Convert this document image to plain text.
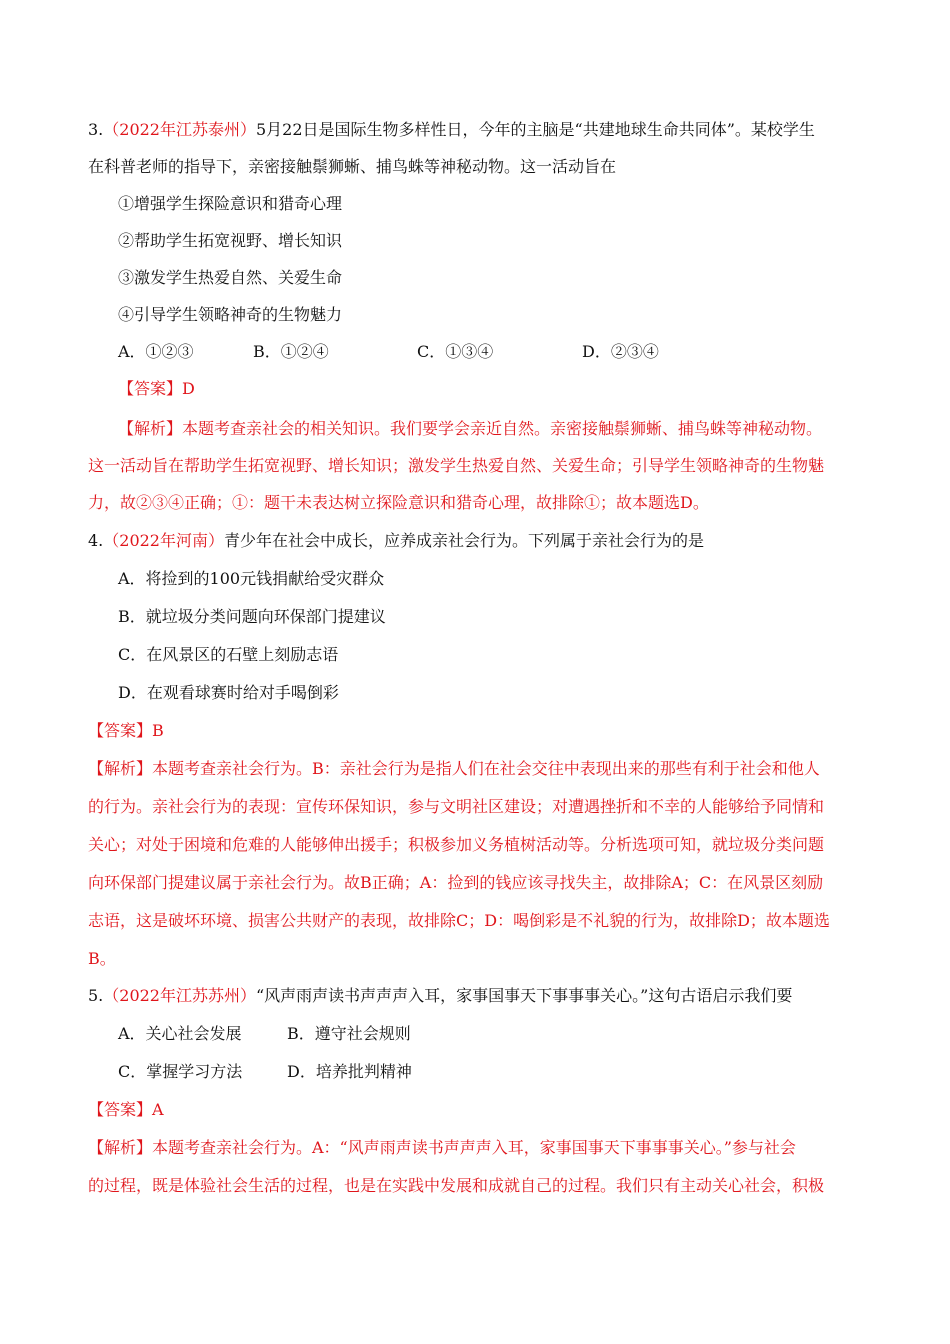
3.（2022年江苏泰州）5月22日是国际生物多样性日，今年的主脑是“共建地球生命共同体”。某校学生
在科普老师的指导下，亲密接触鬃狮蜥、捕鸟蛛等神秘动物。这一活动旨在
①增强学生探险意识和猎奇心理
②帮助学生拓宽视野、增长知识
③激发学生热爱自然、关爱生命
④引导学生领略神奇的生物魅力
A．①②③	B．①②④	C．①③④	D．②③④
【答案】D
【解析】本题考查亲社会的相关知识。我们要学会亲近自然。亲密接触鬃狮蜥、捕鸟蛛等神秘动物。
这一活动旨在帮助学生拓宽视野、增长知识；激发学生热爱自然、关爱生命；引导学生领略神奇的生物魅
力，故②③④正确；①：题干未表达树立探险意识和猎奇心理，故排除①；故本题选D。
4.（2022年河南）青少年在社会中成长，应养成亲社会行为。下列属于亲社会行为的是
A．将捡到的100元钱捐献给受灾群众
B．就垃圾分类问题向环保部门提建议
C．在风景区的石壁上刻励志语
D．在观看球赛时给对手喝倒彩
【答案】B
【解析】本题考查亲社会行为。B：亲社会行为是指人们在社会交往中表现出来的那些有利于社会和他人
的行为。亲社会行为的表现：宣传环保知识，参与文明社区建设；对遭遇挫折和不幸的人能够给予同情和
关心；对处于困境和危难的人能够伸出援手；积极参加义务植树活动等。分析选项可知，就垃圾分类问题
向环保部门提建议属于亲社会行为。故B正确；A：捡到的钱应该寻找失主，故排除A；C：在风景区刻励
志语，这是破坏环境、损害公共财产的表现，故排除C；D：喝倒彩是不礼貌的行为，故排除D；故本题选
B。
5.（2022年江苏苏州）“风声雨声读书声声声入耳，家事国事天下事事事关心。”这句古语启示我们要
A．关心社会发展	B．遵守社会规则
C．掌握学习方法	D．培养批判精神
【答案】A
【解析】本题考查亲社会行为。A：“风声雨声读书声声声入耳，家事国事天下事事事关心。”参与社会
的过程，既是体验社会生活的过程，也是在实践中发展和成就自己的过程。我们只有主动关心社会，积极
